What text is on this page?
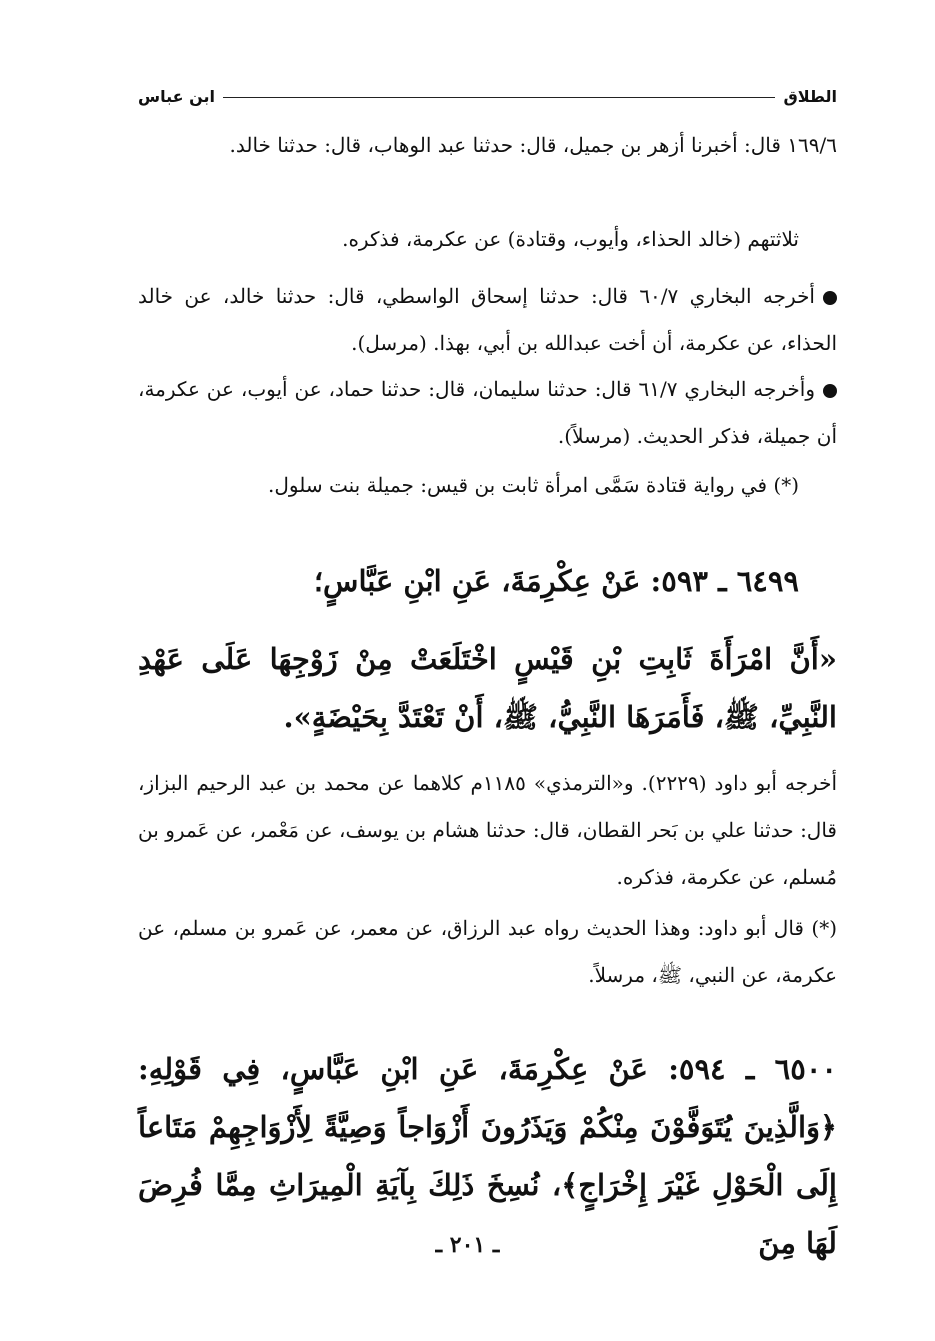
الطلاق
ابن عباس
١٦٩/٦ قال: أخبرنا أزهر بن جميل، قال: حدثنا عبد الوهاب، قال: حدثنا خالد.
ثلاثتهم (خالد الحذاء، وأيوب، وقتادة) عن عكرمة، فذكره.
أخرجه البخاري ٦٠/٧ قال: حدثنا إسحاق الواسطي، قال: حدثنا خالد، عن خالد الحذاء، عن عكرمة، أن أخت عبدالله بن أبي، بهذا. (مرسل).
وأخرجه البخاري ٦١/٧ قال: حدثنا سليمان، قال: حدثنا حماد، عن أيوب، عن عكرمة، أن جميلة، فذكر الحديث. (مرسلاً).
(*) في رواية قتادة سَمَّى امرأة ثابت بن قيس: جميلة بنت سلول.
٦٤٩٩ ـ ٥٩٣: عَنْ عِكْرِمَةَ، عَنِ ابْنِ عَبَّاسٍ؛
«أَنَّ امْرَأَةَ ثَابِتِ بْنِ قَيْسٍ اخْتَلَعَتْ مِنْ زَوْجِهَا عَلَى عَهْدِ النَّبِيِّ، ﷺ، فَأَمَرَهَا النَّبِيُّ، ﷺ، أَنْ تَعْتَدَّ بِحَيْضَةٍ».
أخرجه أبو داود (٢٢٢٩). و«الترمذي» ١١٨٥م كلاهما عن محمد بن عبد الرحيم البزاز، قال: حدثنا علي بن بَحر القطان، قال: حدثنا هشام بن يوسف، عن مَعْمر، عن عَمرو بن مُسلم، عن عكرمة، فذكره.
(*) قال أبو داود: وهذا الحديث رواه عبد الرزاق، عن معمر، عن عَمرو بن مسلم، عن عكرمة، عن النبي، ﷺ، مرسلاً.
٦٥٠٠ ـ ٥٩٤: عَنْ عِكْرِمَةَ، عَنِ ابْنِ عَبَّاسٍ، فِي قَوْلِهِ: ﴿وَالَّذِينَ يُتَوَفَّوْنَ مِنْكُمْ وَيَذَرُونَ أَزْوَاجاً وَصِيَّةً لِأَزْوَاجِهِمْ مَتَاعاً إِلَى الْحَوْلِ غَيْرَ إِخْرَاجٍ﴾، نُسِخَ ذَلِكَ بِآيَةِ الْمِيرَاثِ مِمَّا فُرِضَ لَهَا مِنَ
ـ ٢٠١ ـ
